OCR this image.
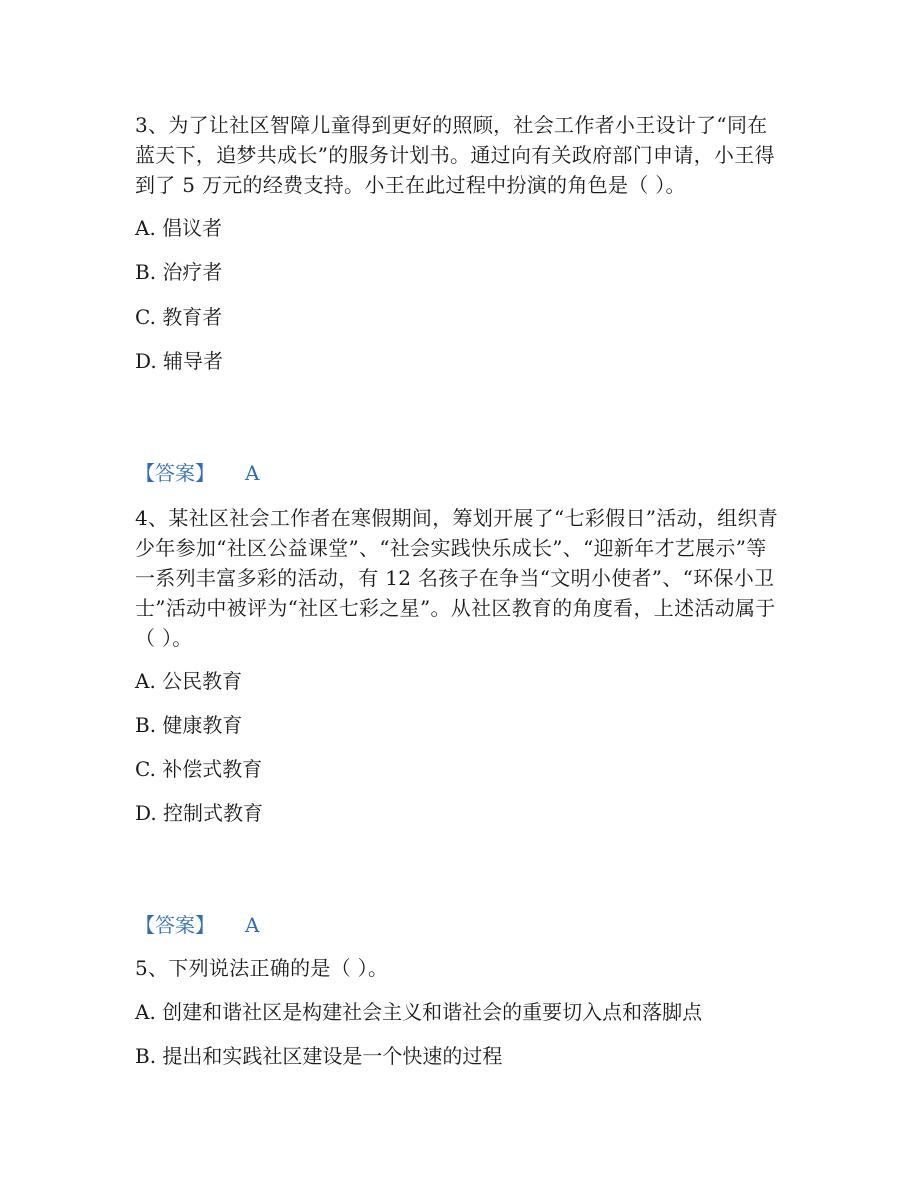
3、为了让社区智障儿童得到更好的照顾，社会工作者小王设计了“同在蓝天下，追梦共成长”的服务计划书。通过向有关政府部门申请，小王得到了 5 万元的经费支持。小王在此过程中扮演的角色是（ ）。

A. 倡议者

B. 治疗者

C. 教育者

D. 辅导者

【答案】 A

4、某社区社会工作者在寒假期间，筹划开展了“七彩假日”活动，组织青少年参加“社区公益课堂”、“社会实践快乐成长”、“迎新年才艺展示”等一系列丰富多彩的活动，有 12 名孩子在争当“文明小使者”、“环保小卫士”活动中被评为“社区七彩之星”。从社区教育的角度看，上述活动属于（ ）。

A. 公民教育

B. 健康教育

C. 补偿式教育

D. 控制式教育

【答案】 A

5、下列说法正确的是（ ）。

A. 创建和谐社区是构建社会主义和谐社会的重要切入点和落脚点

B. 提出和实践社区建设是一个快速的过程
